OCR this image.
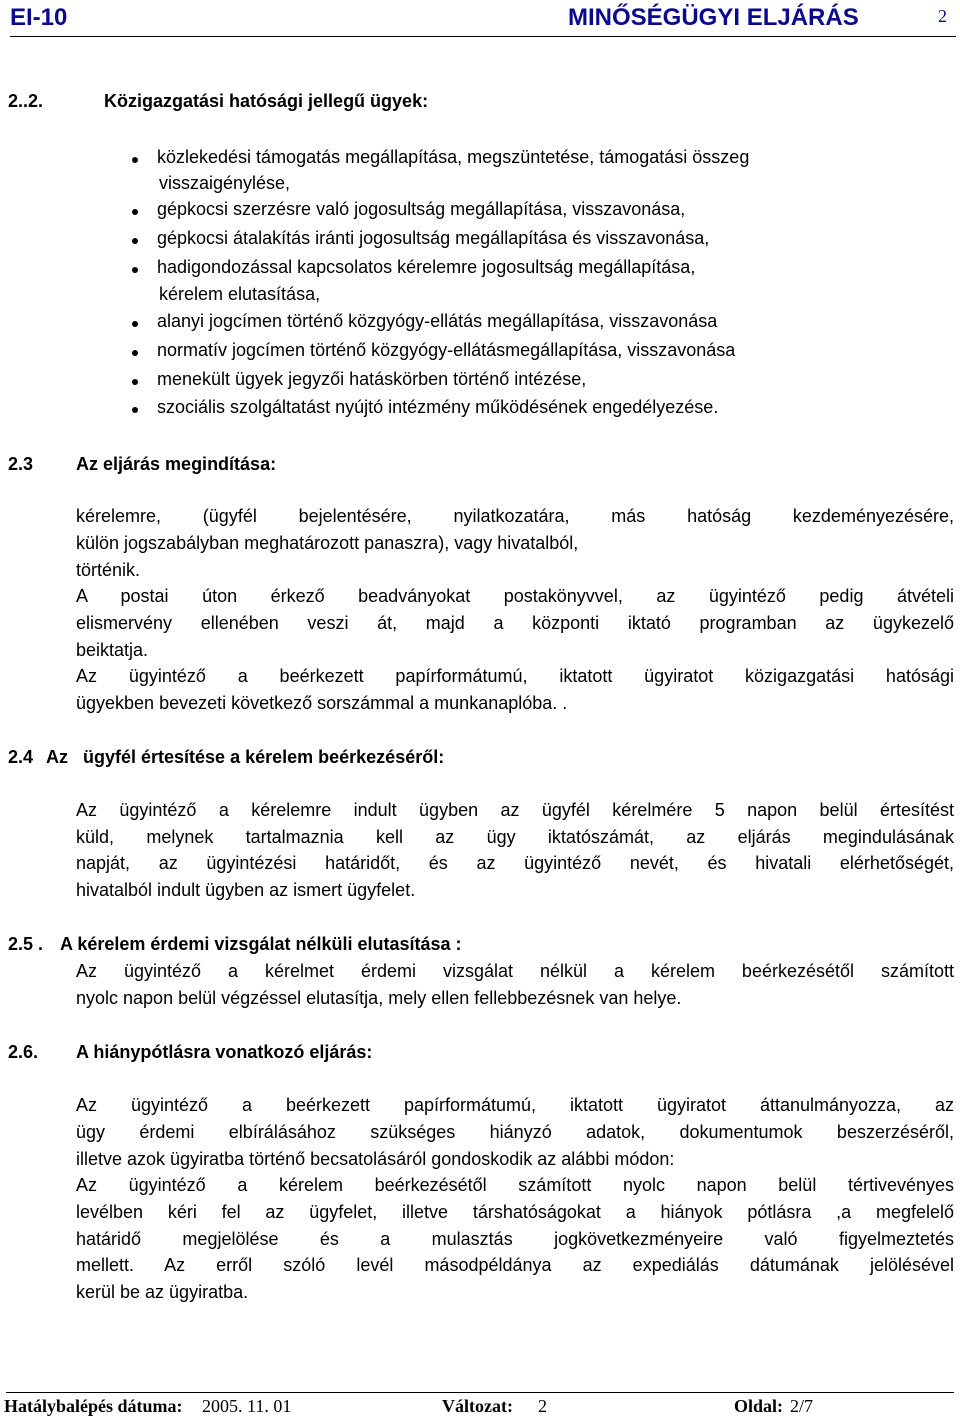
EI-10	MINŐSÉGÜGYI ELJÁRÁS	2
2..2.	Közigazgatási hatósági jellegű ügyek:
közlekedési támogatás megállapítása, megszüntetése, támogatási összeg
visszaigénylése,
gépkocsi szerzésre való jogosultság megállapítása, visszavonása,
gépkocsi átalakítás iránti jogosultság megállapítása és visszavonása,
hadigondozással kapcsolatos kérelemre jogosultság megállapítása,
kérelem elutasítása,
alanyi jogcímen történő közgyógy-ellátás megállapítása, visszavonása
normatív jogcímen történő közgyógy-ellátásmegállapítása, visszavonása
menekült ügyek jegyzői hatáskörben történő intézése,
szociális szolgáltatást nyújtó intézmény működésének engedélyezése.
2.3 Az eljárás megindítása:
kérelemre, (ügyfél bejelentésére, nyilatkozatára, más hatóság kezdeményezésére,
külön jogszabályban meghatározott panaszra), vagy hivatalból,
történik.
A postai úton érkező beadványokat postakönyvvel, az ügyintéző pedig átvételi
elismervény ellenében veszi át, majd a központi iktató programban az ügykezelő
beiktatja.
Az ügyintéző a beérkezett papírformátumú, iktatott ügyiratot közigazgatási hatósági
ügyekben bevezeti következő sorszámmal a munkanaplóba. .
2.4 Az   ügyfél értesítése a kérelem beérkezéséről:
Az ügyintéző a kérelemre indult ügyben az ügyfél kérelmére 5 napon belül értesítést
küld, melynek tartalmaznia kell az ügy iktatószámát, az eljárás megindulásának
napját, az ügyintézési határidőt, és az ügyintéző nevét, és hivatali elérhetőségét,
hivatalból indult ügyben az ismert ügyfelet.
2.5 . A kérelem érdemi vizsgálat nélküli elutasítása :
Az ügyintéző a kérelmet érdemi vizsgálat nélkül a kérelem beérkezésétől számított
nyolc napon belül végzéssel elutasítja, mely ellen fellebbezésnek van helye.
2.6. A hiánypótlásra vonatkozó eljárás:
Az ügyintéző a beérkezett papírformátumú, iktatott ügyiratot áttanulmányozza, az
ügy érdemi elbírálásához szükséges hiányzó adatok, dokumentumok beszerzéséről,
illetve azok ügyiratba történő becsatolásáról gondoskodik az alábbi módon:
Az ügyintéző a kérelem beérkezésétől számított nyolc napon belül tértivevényes
levélben kéri fel az ügyfelet, illetve társhatóságokat a hiányok pótlásra ,a megfelelő
határidő megjelölése és a mulasztás jogkövetkezményeire való figyelmeztetés
mellett. Az erről szóló levél másodpéldánya az expediálás dátumának jelölésével
kerül be az ügyiratba.
Hatálybalépés dátuma: 2005. 11. 01	Változat: 2	Oldal: 2/7
